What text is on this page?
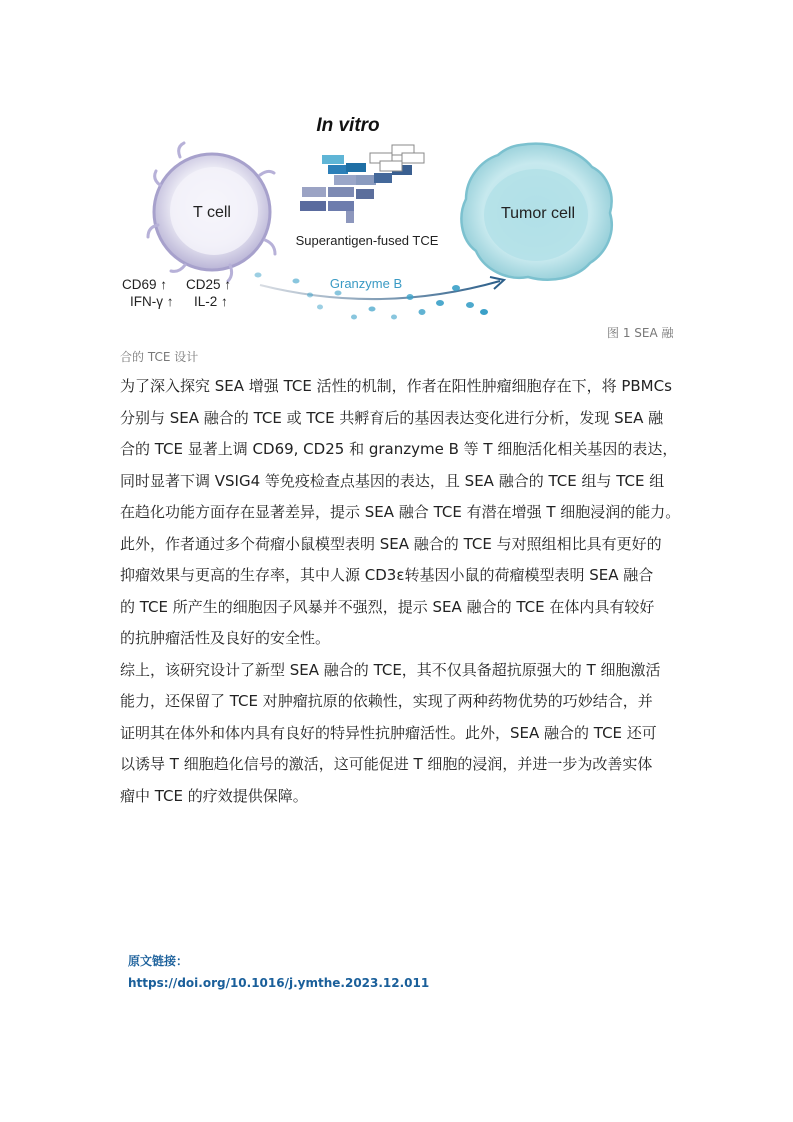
In vitro
T cell
Superantigen-fused TCE
Tumor cell
CD69 ↑ CD25 ↑
IFN-γ ↑ IL-2 ↑
Granzyme B
图 1 SEA 融
合的 TCE 设计

为了深入探究 SEA 增强 TCE 活性的机制，作者在阳性肿瘤细胞存在下，将 PBMCs

分别与 SEA 融合的 TCE 或 TCE 共孵育后的基因表达变化进行分析，发现 SEA 融

合的 TCE 显著上调 CD69, CD25 和 granzyme B 等 T 细胞活化相关基因的表达，

同时显著下调 VSIG4 等免疫检查点基因的表达，且 SEA 融合的 TCE 组与 TCE 组

在趋化功能方面存在显著差异，提示 SEA 融合 TCE 有潜在增强 T 细胞浸润的能力。

此外，作者通过多个荷瘤小鼠模型表明 SEA 融合的 TCE 与对照组相比具有更好的

抑瘤效果与更高的生存率，其中人源 CD3ε转基因小鼠的荷瘤模型表明 SEA 融合

的 TCE 所产生的细胞因子风暴并不强烈，提示 SEA 融合的 TCE 在体内具有较好

的抗肿瘤活性及良好的安全性。

综上，该研究设计了新型 SEA 融合的 TCE，其不仅具备超抗原强大的 T 细胞激活

能力，还保留了 TCE 对肿瘤抗原的依赖性，实现了两种药物优势的巧妙结合，并

证明其在体外和体内具有良好的特异性抗肿瘤活性。此外，SEA 融合的 TCE 还可

以诱导 T 细胞趋化信号的激活，这可能促进 T 细胞的浸润，并进一步为改善实体

瘤中 TCE 的疗效提供保障。

原文链接：
https://doi.org/10.1016/j.ymthe.2023.12.011
